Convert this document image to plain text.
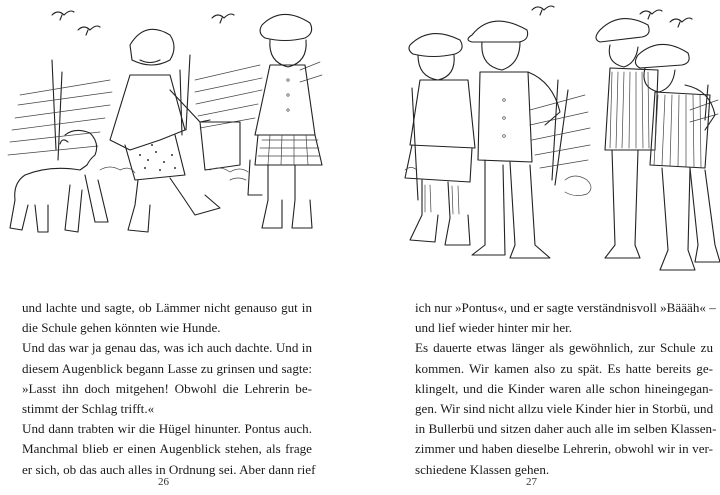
und lachte und sagte, ob Lämmer nicht genauso gut in
die Schule gehen könnten wie Hunde.
Und das war ja genau das, was ich auch dachte. Und in
diesem Augenblick begann Lasse zu grinsen und sagte:
»Lasst ihn doch mitgehen! Obwohl die Lehrerin be-
stimmt der Schlag trifft.«
Und dann trabten wir die Hügel hinunter. Pontus auch.
Manchmal blieb er einen Augenblick stehen, als frage
er sich, ob das auch alles in Ordnung sei. Aber dann rief
26
ich nur »Pontus«, und er sagte verständnisvoll »Bäääh« –
und lief wieder hinter mir her.
Es dauerte etwas länger als gewöhnlich, zur Schule zu
kommen. Wir kamen also zu spät. Es hatte bereits ge-
klingelt, und die Kinder waren alle schon hineingegan-
gen. Wir sind nicht allzu viele Kinder hier in Storbü, und
in Bullerbü und sitzen daher auch alle im selben Klassen-
zimmer und haben dieselbe Lehrerin, obwohl wir in ver-
schiedene Klassen gehen.
27
